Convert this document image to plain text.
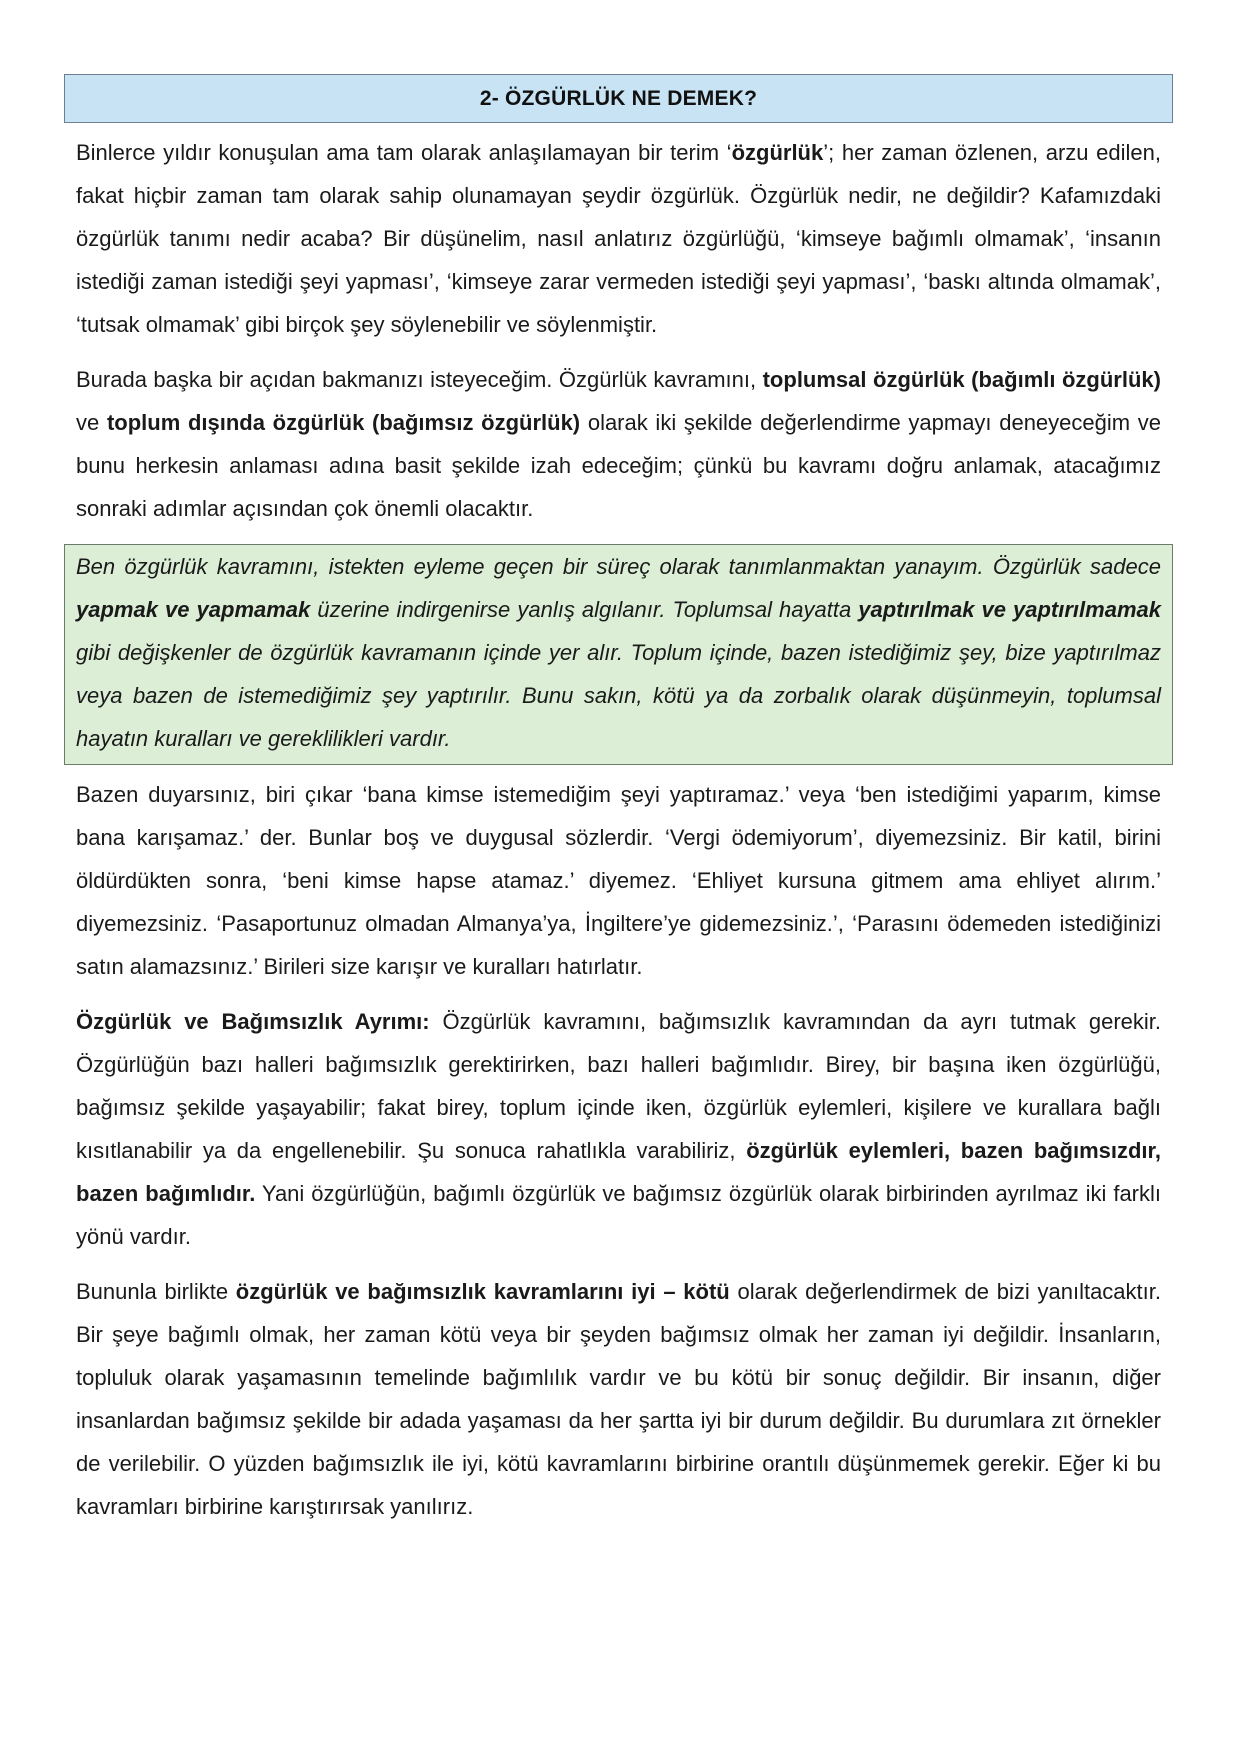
2- ÖZGÜRLÜK NE DEMEK?

Binlerce yıldır konuşulan ama tam olarak anlaşılamayan bir terim ‘özgürlük’; her zaman özlenen, arzu edilen, fakat hiçbir zaman tam olarak sahip olunamayan şeydir özgürlük. Özgürlük nedir, ne değildir? Kafamızdaki özgürlük tanımı nedir acaba? Bir düşünelim, nasıl anlatırız özgürlüğü, ‘kimseye bağımlı olmamak’, ‘insanın istediği zaman istediği şeyi yapması’, ‘kimseye zarar vermeden istediği şeyi yapması’, ‘baskı altında olmamak’, ‘tutsak olmamak’ gibi birçok şey söylenebilir ve söylenmiştir.

Burada başka bir açıdan bakmanızı isteyeceğim. Özgürlük kavramını, toplumsal özgürlük (bağımlı özgürlük) ve toplum dışında özgürlük (bağımsız özgürlük) olarak iki şekilde değerlendirme yapmayı deneyeceğim ve bunu herkesin anlaması adına basit şekilde izah edeceğim; çünkü bu kavramı doğru anlamak, atacağımız sonraki adımlar açısından çok önemli olacaktır.

Ben özgürlük kavramını, istekten eyleme geçen bir süreç olarak tanımlanmaktan yanayım. Özgürlük sadece yapmak ve yapmamak üzerine indirgenirse yanlış algılanır. Toplumsal hayatta yaptırılmak ve yaptırılmamak gibi değişkenler de özgürlük kavramanın içinde yer alır. Toplum içinde, bazen istediğimiz şey, bize yaptırılmaz veya bazen de istemediğimiz şey yaptırılır. Bunu sakın, kötü ya da zorbalık olarak düşünmeyin, toplumsal hayatın kuralları ve gereklilikleri vardır.

Bazen duyarsınız, biri çıkar ‘bana kimse istemediğim şeyi yaptıramaz.’ veya ‘ben istediğimi yaparım, kimse bana karışamaz.’ der. Bunlar boş ve duygusal sözlerdir. ‘Vergi ödemiyorum’, diyemezsiniz. Bir katil, birini öldürdükten sonra, ‘beni kimse hapse atamaz.’ diyemez. ‘Ehliyet kursuna gitmem ama ehliyet alırım.’ diyemezsiniz. ‘Pasaportunuz olmadan Almanya’ya, İngiltere’ye gidemezsiniz.’, ‘Parasını ödemeden istediğinizi satın alamazsınız.’ Birileri size karışır ve kuralları hatırlatır.

Özgürlük ve Bağımsızlık Ayrımı: Özgürlük kavramını, bağımsızlık kavramından da ayrı tutmak gerekir. Özgürlüğün bazı halleri bağımsızlık gerektirirken, bazı halleri bağımlıdır. Birey, bir başına iken özgürlüğü, bağımsız şekilde yaşayabilir; fakat birey, toplum içinde iken, özgürlük eylemleri, kişilere ve kurallara bağlı kısıtlanabilir ya da engellenebilir. Şu sonuca rahatlıkla varabiliriz, özgürlük eylemleri, bazen bağımsızdır, bazen bağımlıdır. Yani özgürlüğün, bağımlı özgürlük ve bağımsız özgürlük olarak birbirinden ayrılmaz iki farklı yönü vardır.

Bununla birlikte özgürlük ve bağımsızlık kavramlarını iyi – kötü olarak değerlendirmek de bizi yanıltacaktır. Bir şeye bağımlı olmak, her zaman kötü veya bir şeyden bağımsız olmak her zaman iyi değildir. İnsanların, topluluk olarak yaşamasının temelinde bağımlılık vardır ve bu kötü bir sonuç değildir. Bir insanın, diğer insanlardan bağımsız şekilde bir adada yaşaması da her şartta iyi bir durum değildir. Bu durumlara zıt örnekler de verilebilir. O yüzden bağımsızlık ile iyi, kötü kavramlarını birbirine orantılı düşünmemek gerekir. Eğer ki bu kavramları birbirine karıştırırsak yanılırız.
